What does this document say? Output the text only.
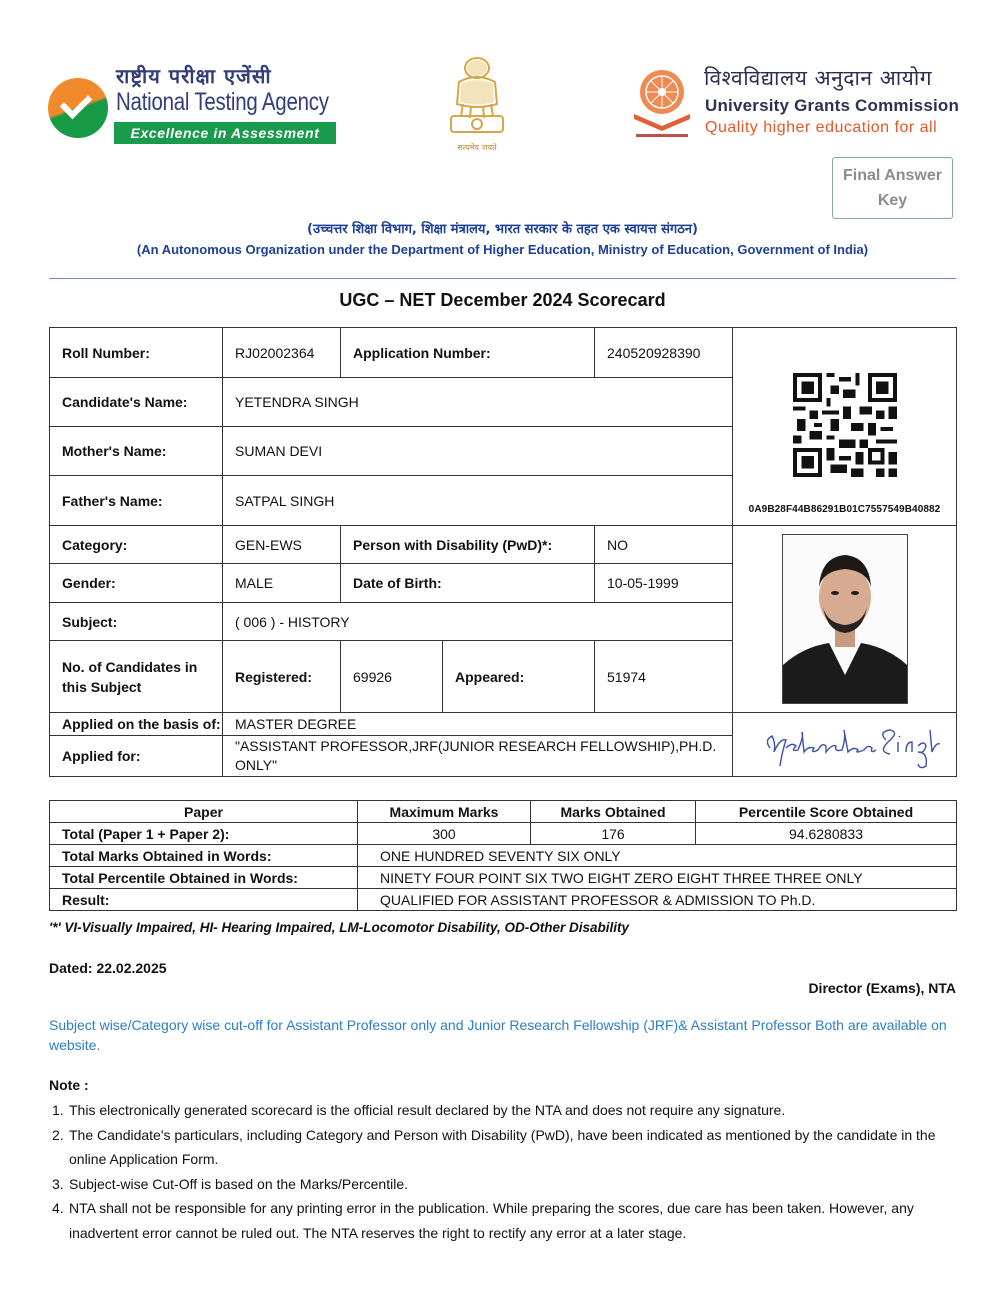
राष्ट्रीय परीक्षा एजेंसी
National Testing Agency
Excellence in Assessment
सत्यमेव जयते
विश्वविद्यालय अनुदान आयोग
University Grants Commission
Quality higher education for all
Final Answer Key
(उच्चत्तर शिक्षा विभाग, शिक्षा मंत्रालय, भारत सरकार के तहत एक स्वायत्त संगठन)
(An Autonomous Organization under the Department of Higher Education, Ministry of Education, Government of India)
UGC – NET December 2024 Scorecard
Roll Number:	RJ02002364	Application Number:		240520928390	0A9B28F44B86291B01C7557549B40882

Candidate's Name:	YETENDRA SINGH				
Mother's Name:	SUMAN DEVI				
Father's Name:	SATPAL SINGH				
Category:	GEN-EWS	Person with Disability (PwD)*:		NO	

Gender:	MALE	Date of Birth:		10-05-1999	
Subject:	( 006 ) - HISTORY				
No. of Candidates in this Subject	Registered:	69926	Appeared:	51974	
Applied on the basis of:	MASTER DEGREE	

Applied for:	"ASSISTANT PROFESSOR,JRF(JUNIOR RESEARCH FELLOWSHIP),PH.D. ONLY"				
Paper	Maximum Marks	Marks Obtained	Percentile Score Obtained
Total (Paper 1 + Paper 2):	300	176	94.6280833
Total Marks Obtained in Words:	ONE HUNDRED SEVENTY SIX ONLY		
Total Percentile Obtained in Words:	NINETY FOUR POINT SIX TWO EIGHT ZERO EIGHT THREE THREE ONLY		
Result:	QUALIFIED FOR ASSISTANT PROFESSOR & ADMISSION TO Ph.D.		
'*' VI-Visually Impaired, HI- Hearing Impaired, LM-Locomotor Disability, OD-Other Disability
Dated: 22.02.2025
Director (Exams), NTA
Subject wise/Category wise cut-off for Assistant Professor only and Junior Research Fellowship (JRF)& Assistant Professor Both are available on website.
Note :
1. This electronically generated scorecard is the official result declared by the NTA and does not require any signature.
2. The Candidate's particulars, including Category and Person with Disability (PwD), have been indicated as mentioned by the candidate in the online Application Form.
3. Subject-wise Cut-Off is based on the Marks/Percentile.
4. NTA shall not be responsible for any printing error in the publication. While preparing the scores, due care has been taken. However, any inadvertent error cannot be ruled out. The NTA reserves the right to rectify any error at a later stage.
